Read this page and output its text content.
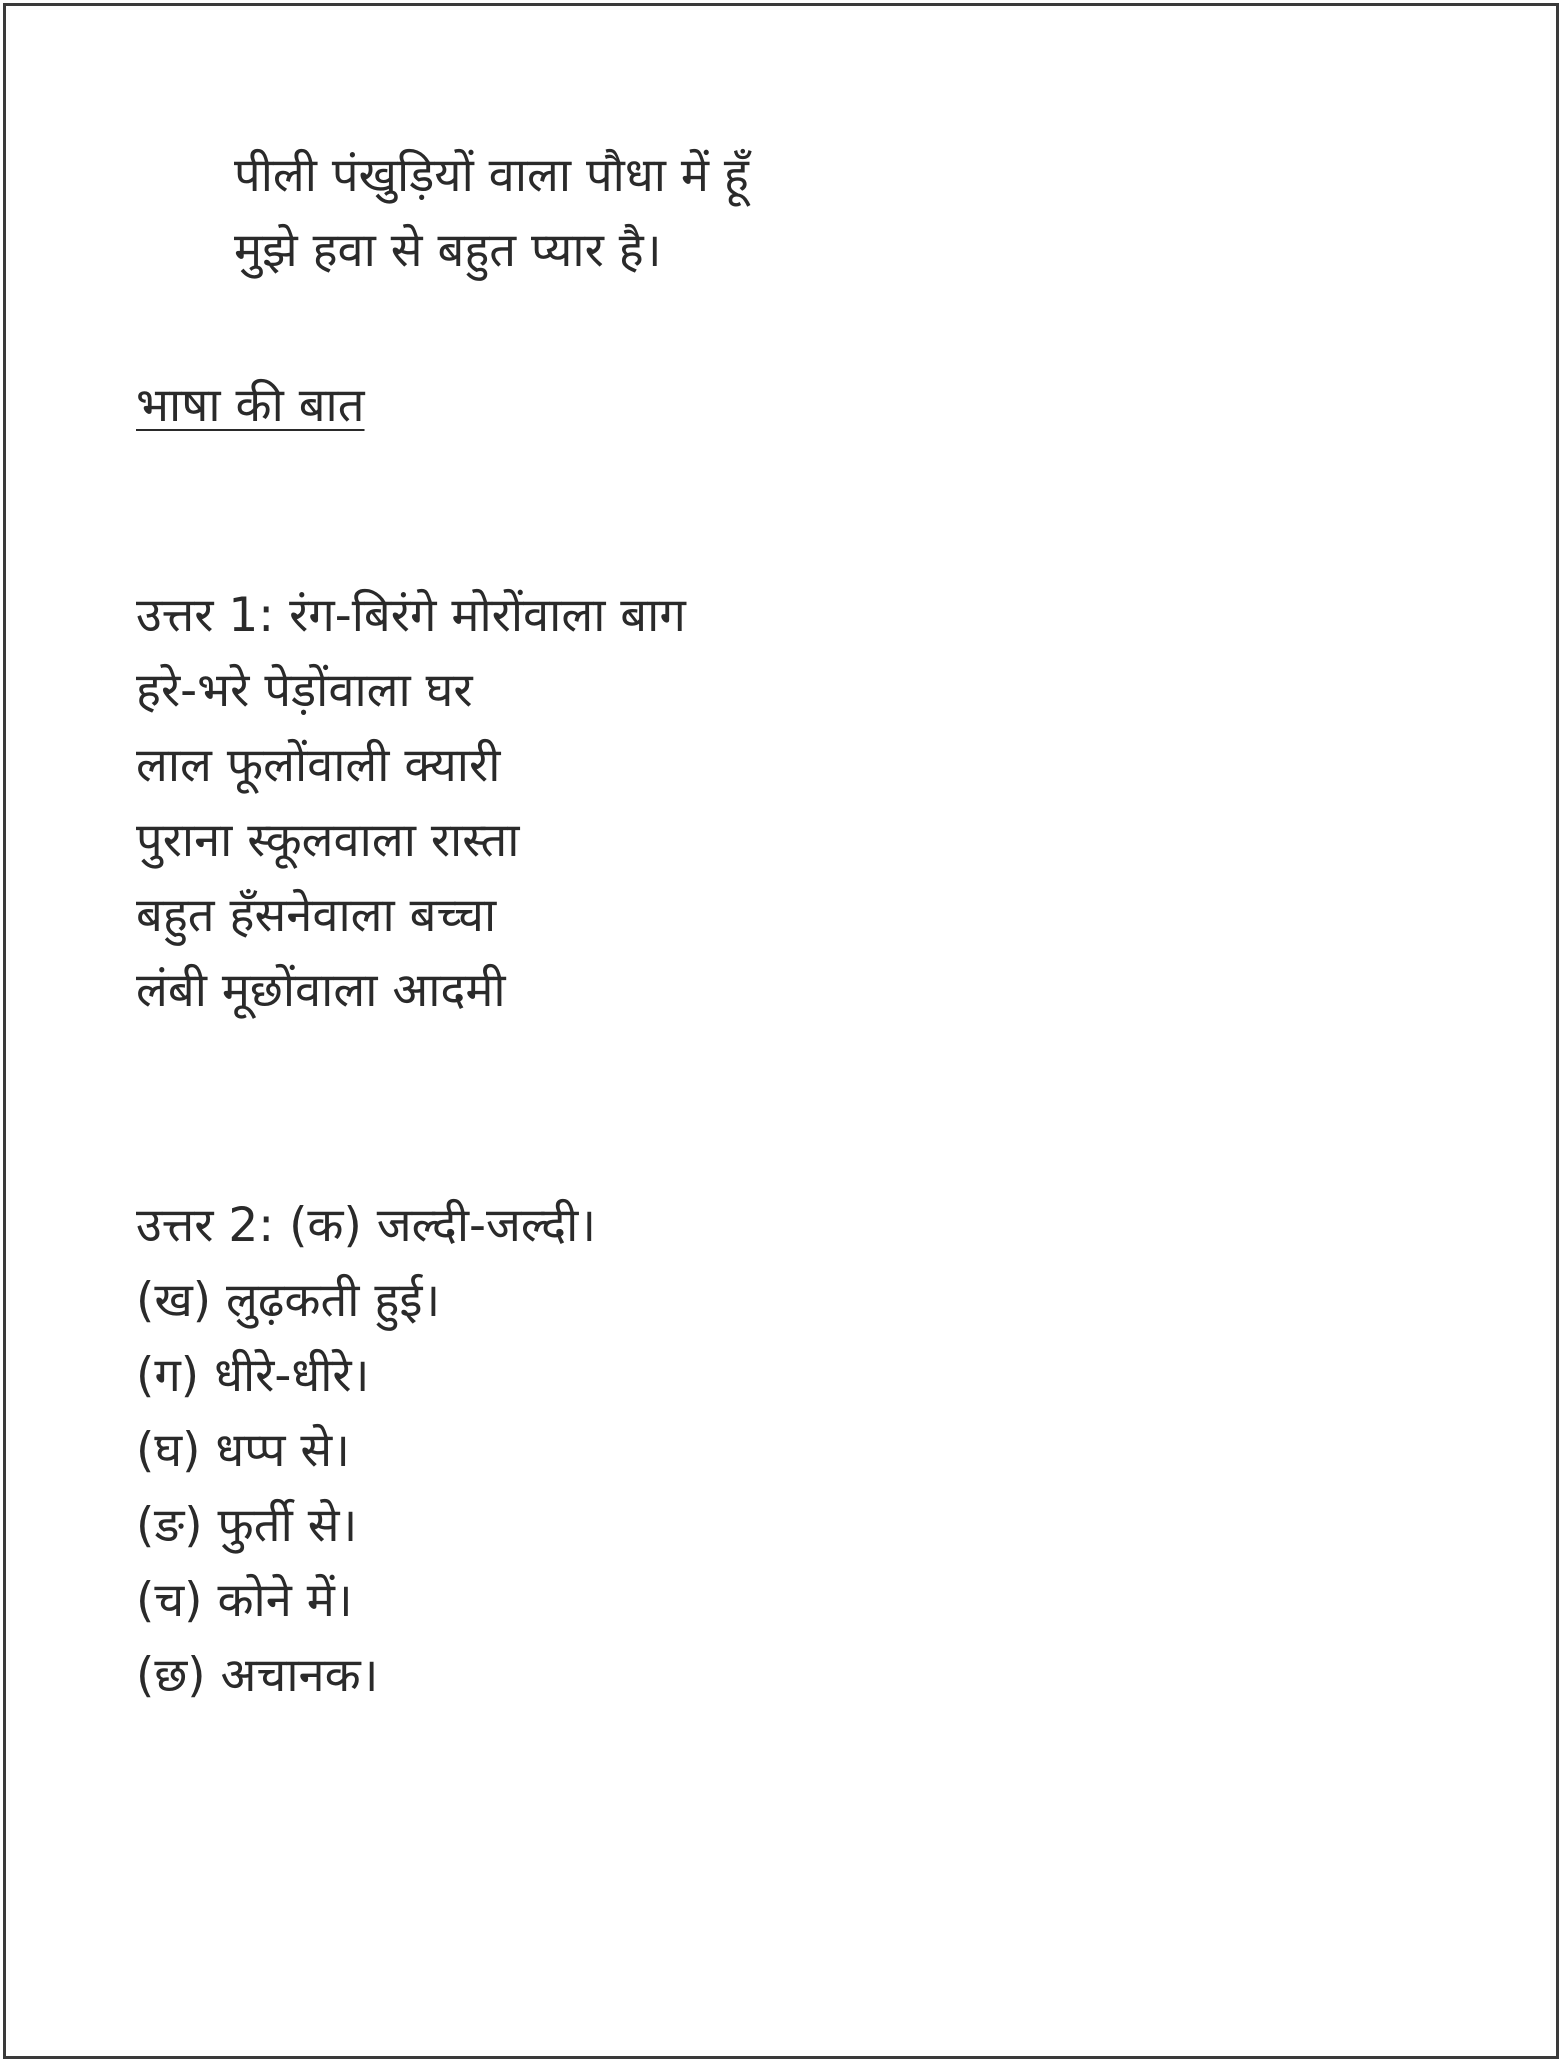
पीली पंखुड़ियों वाला पौधा में हूँ

मुझे हवा से बहुत प्यार है।

भाषा की बात

उत्तर 1: रंग-बिरंगे मोरोंवाला बाग

हरे-भरे पेड़ोंवाला घर

लाल फूलोंवाली क्यारी

पुराना स्कूलवाला रास्ता

बहुत हँसनेवाला बच्चा

लंबी मूछोंवाला आदमी

उत्तर 2: (क) जल्दी-जल्दी।

(ख) लुढ़कती हुई।

(ग) धीरे-धीरे।

(घ) धप्प से।

(ङ) फुर्ती से।

(च) कोने में।

(छ) अचानक।
